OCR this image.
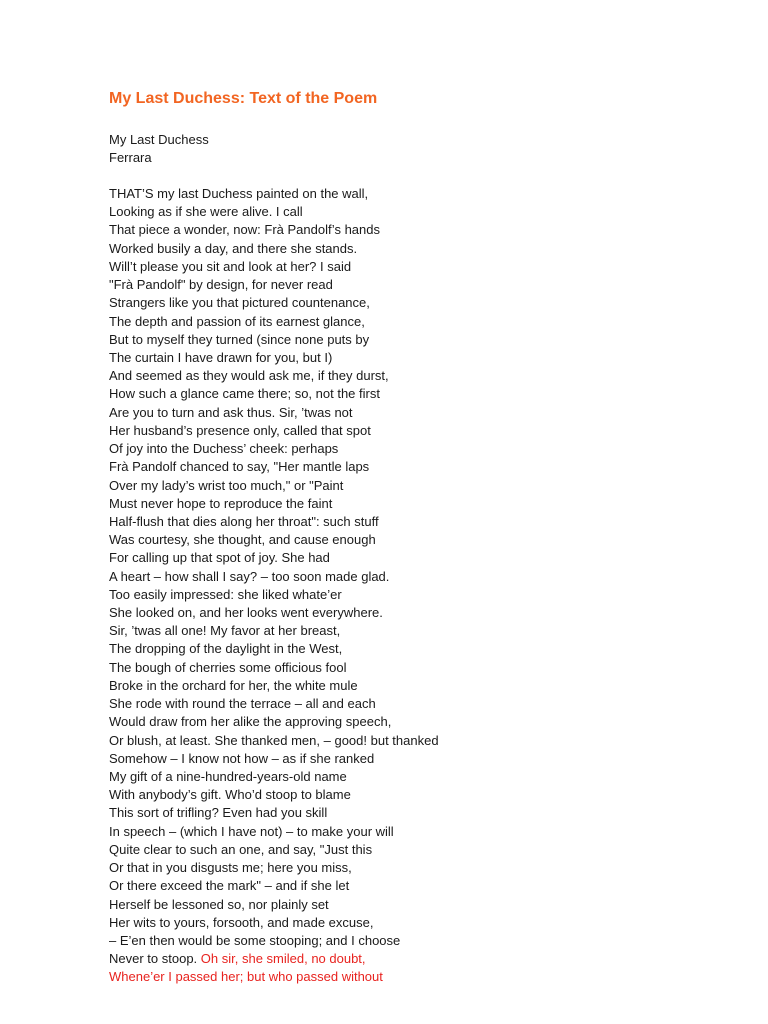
My Last Duchess: Text of the Poem
My Last Duchess
Ferrara
THAT’S my last Duchess painted on the wall,
Looking as if she were alive. I call
That piece a wonder, now: Frà Pandolf’s hands
Worked busily a day, and there she stands.
Will’t please you sit and look at her? I said
"Frà Pandolf" by design, for never read
Strangers like you that pictured countenance,
The depth and passion of its earnest glance,
But to myself they turned (since none puts by
The curtain I have drawn for you, but I)
And seemed as they would ask me, if they durst,
How such a glance came there; so, not the first
Are you to turn and ask thus. Sir, ’twas not
Her husband’s presence only, called that spot
Of joy into the Duchess’ cheek: perhaps
Frà Pandolf chanced to say, "Her mantle laps
Over my lady’s wrist too much," or "Paint
Must never hope to reproduce the faint
Half-flush that dies along her throat": such stuff
Was courtesy, she thought, and cause enough
For calling up that spot of joy. She had
A heart – how shall I say? – too soon made glad.
Too easily impressed: she liked whate’er
She looked on, and her looks went everywhere.
Sir, ’twas all one! My favor at her breast,
The dropping of the daylight in the West,
The bough of cherries some officious fool
Broke in the orchard for her, the white mule
She rode with round the terrace – all and each
Would draw from her alike the approving speech,
Or blush, at least. She thanked men, – good! but thanked
Somehow – I know not how – as if she ranked
My gift of a nine-hundred-years-old name
With anybody’s gift. Who’d stoop to blame
This sort of trifling? Even had you skill
In speech – (which I have not) – to make your will
Quite clear to such an one, and say, "Just this
Or that in you disgusts me; here you miss,
Or there exceed the mark" – and if she let
Herself be lessoned so, nor plainly set
Her wits to yours, forsooth, and made excuse,
– E’en then would be some stooping; and I choose
Never to stoop. Oh sir, she smiled, no doubt,
Whene’er I passed her; but who passed without
